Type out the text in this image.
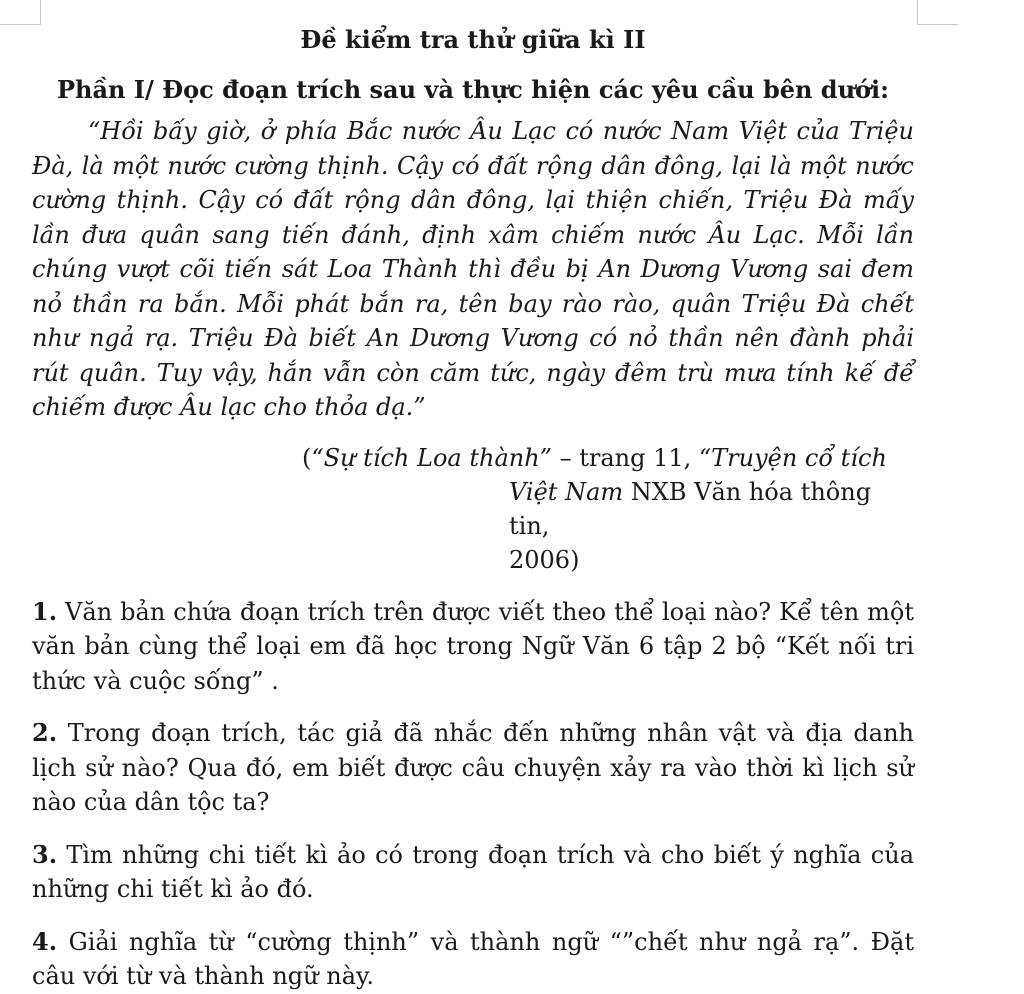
Đề kiểm tra thử giữa kì II
Phần I/ Đọc đoạn trích sau và thực hiện các yêu cầu bên dưới:

“Hồi bấy giờ, ở phía Bắc nước Âu Lạc có nước Nam Việt của Triệu Đà, là một nước cường thịnh. Cậy có đất rộng dân đông, lại là một nước cường thịnh. Cậy có đất rộng dân đông, lại thiện chiến, Triệu Đà mấy lần đưa quân sang tiến đánh, định xâm chiếm nước Âu Lạc. Mỗi lần chúng vượt cõi tiến sát Loa Thành thì đều bị An Dương Vương sai đem nỏ thần ra bắn. Mỗi phát bắn ra, tên bay rào rào, quân Triệu Đà chết như ngả rạ. Triệu Đà biết An Dương Vương có nỏ thần nên đành phải rút quân. Tuy vậy, hắn vẫn còn căm tức, ngày đêm trù mưa tính kế để chiếm được Âu lạc cho thỏa dạ.”

(“Sự tích Loa thành” – trang 11, “Truyện cổ tích
Việt Nam NXB Văn hóa thông tin,
2006)

1. Văn bản chứa đoạn trích trên được viết theo thể loại nào? Kể tên một văn bản cùng thể loại em đã học trong Ngữ Văn 6 tập 2 bộ “Kết nối tri thức và cuộc sống” .

2. Trong đoạn trích, tác giả đã nhắc đến những nhân vật và địa danh lịch sử nào? Qua đó, em biết được câu chuyện xảy ra vào thời kì lịch sử nào của dân tộc ta?

3. Tìm những chi tiết kì ảo có trong đoạn trích và cho biết ý nghĩa của những chi tiết kì ảo đó.

4. Giải nghĩa từ “cường thịnh” và thành ngữ “”chết như ngả rạ”. Đặt câu với từ và thành ngữ này.
